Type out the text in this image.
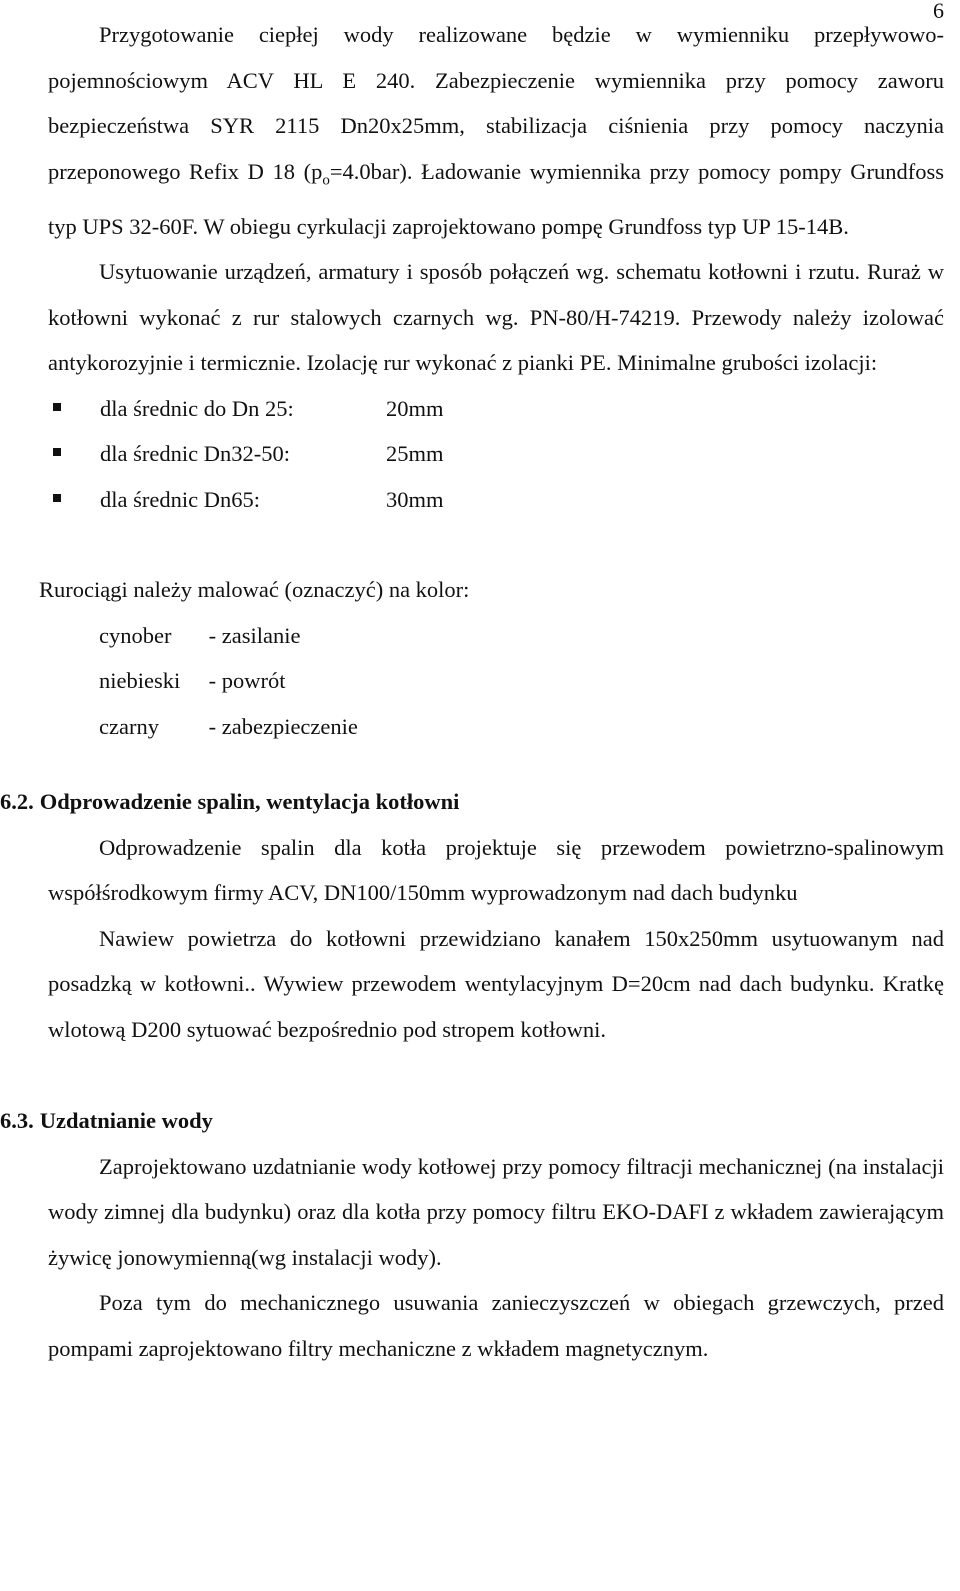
6

Przygotowanie ciepłej wody realizowane będzie w wymienniku przepływowo-pojemnościowym ACV HL E 240. Zabezpieczenie wymiennika przy pomocy zaworu bezpieczeństwa SYR 2115 Dn20x25mm, stabilizacja ciśnienia przy pomocy naczynia przeponowego Refix D 18 $(p_o=4.0bar)$. Ładowanie wymiennika przy pomocy pompy Grundfoss typ UPS 32-60F. W obiegu cyrkulacji zaprojektowano pompę Grundfoss typ UP 15-14B.

Usytuowanie urządzeń, armatury i sposób połączeń wg. schematu kotłowni i rzutu. Ruraż w kotłowni wykonać z rur stalowych czarnych wg. PN-80/H-74219. Przewody należy izolować antykorozyjnie i termicznie. Izolację rur wykonać z pianki PE. Minimalne grubości izolacji:

dla średnic do Dn 25:	20mm
dla średnic Dn32-50:	25mm
dla średnic Dn65:	30mm

Rurociągi należy malować (oznaczyć) na kolor:

cynober - zasilanie
niebieski - powrót
czarny - zabezpieczenie
6.2. Odprowadzenie spalin, wentylacja kotłowni

Odprowadzenie spalin dla kotła projektuje się przewodem powietrzno-spalinowym współśrodkowym firmy ACV, DN100/150mm wyprowadzonym nad dach budynku

Nawiew powietrza do kotłowni przewidziano kanałem 150x250mm usytuowanym nad posadzką w kotłowni.. Wywiew przewodem wentylacyjnym D=20cm nad dach budynku. Kratkę wlotową D200 sytuować bezpośrednio pod stropem kotłowni.

6.3. Uzdatnianie wody

Zaprojektowano uzdatnianie wody kotłowej przy pomocy filtracji mechanicznej (na instalacji wody zimnej dla budynku) oraz dla kotła przy pomocy filtru EKO-DAFI z wkładem zawierającym żywicę jonowymienną(wg instalacji wody).

Poza tym do mechanicznego usuwania zanieczyszczeń w obiegach grzewczych, przed pompami zaprojektowano filtry mechaniczne z wkładem magnetycznym.
